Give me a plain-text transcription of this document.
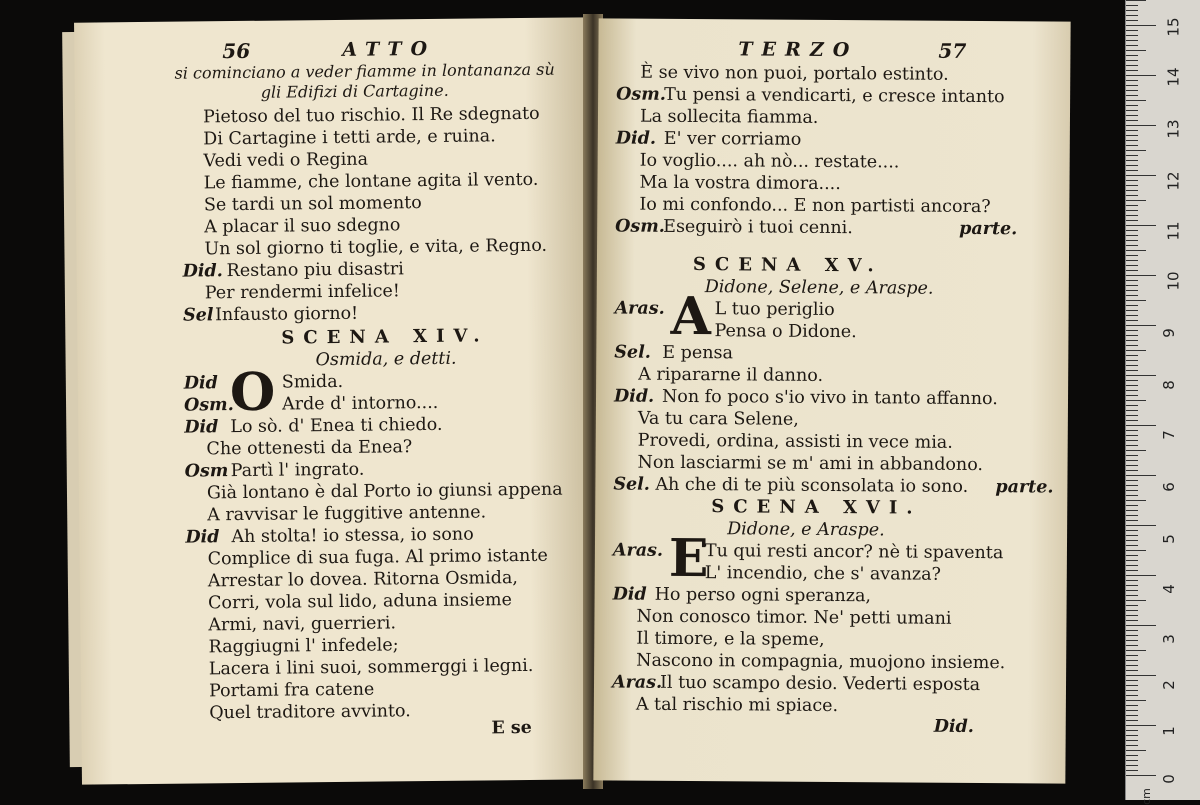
56	ATTO
si cominciano a veder fiamme in lontananza sù
gli Edifizi di Cartagine.
Pietoso del tuo rischio. Il Re sdegnato
Di Cartagine i tetti arde, e ruina.
Vedi vedi o Regina
Le fiamme, che lontane agita il vento.
Se tardi un sol momento
A placar il suo sdegno
Un sol giorno ti toglie, e vita, e Regno.
Did. Restano piu disastri
Per rendermi infelice!
Sel Infausto giorno!
SCENA XIV.
Osmida, e detti.
O
Did	Smida.
Osm.	Arde d' intorno....
Did Lo sò. d' Enea ti chiedo.
Che ottenesti da Enea?
Osm Partì l' ingrato.
Già lontano è dal Porto io giunsi appena
A ravvisar le fuggitive antenne.
Did Ah stolta! io stessa, io sono
Complice di sua fuga. Al primo istante
Arrestar lo dovea. Ritorna Osmida,
Corri, vola sul lido, aduna insieme
Armi, navi, guerrieri.
Raggiugni l' infedele;
Lacera i lini suoi, sommerggi i legni.
Portami fra catene
Quel traditore avvinto.
E se
TERZO	57
È se vivo non puoi, portalo estinto.
Osm.
Tu pensi a vendicarti, e cresce intanto
La sollecita fiamma.
Did. E' ver corriamo
Io voglio.... ah nò... restate....
Ma la vostra dimora....
Io mi confondo... E non partisti ancora?
Osm.
Eseguirò i tuoi cenni.	parte.
SCENA XV.
Didone, Selene, e Araspe.
A
Aras.	L tuo periglio
Pensa o Didone.
Sel. E pensa
A ripararne il danno.
Did. Non fo poco s'io vivo in tanto affanno.
Va tu cara Selene,
Provedi, ordina, assisti in vece mia.
Non lasciarmi se m' ami in abbandono.
Sel. Ah che di te più sconsolata io sono. parte.
SCENA XVI.
Didone, e Araspe.
E
Aras. Tu qui resti ancor? nè ti spaventa
L' incendio, che s' avanza?
Did Ho perso ogni speranza,
Non conosco timor. Ne' petti umani
Il timore, e la speme,
Nascono in compagnia, muojono insieme.
Aras.
Il tuo scampo desio. Vederti esposta
A tal rischio mi spiace.
Did.
0
1
2
3
4
5
6
7
8
9
10
11
12
13
14
15
cm
